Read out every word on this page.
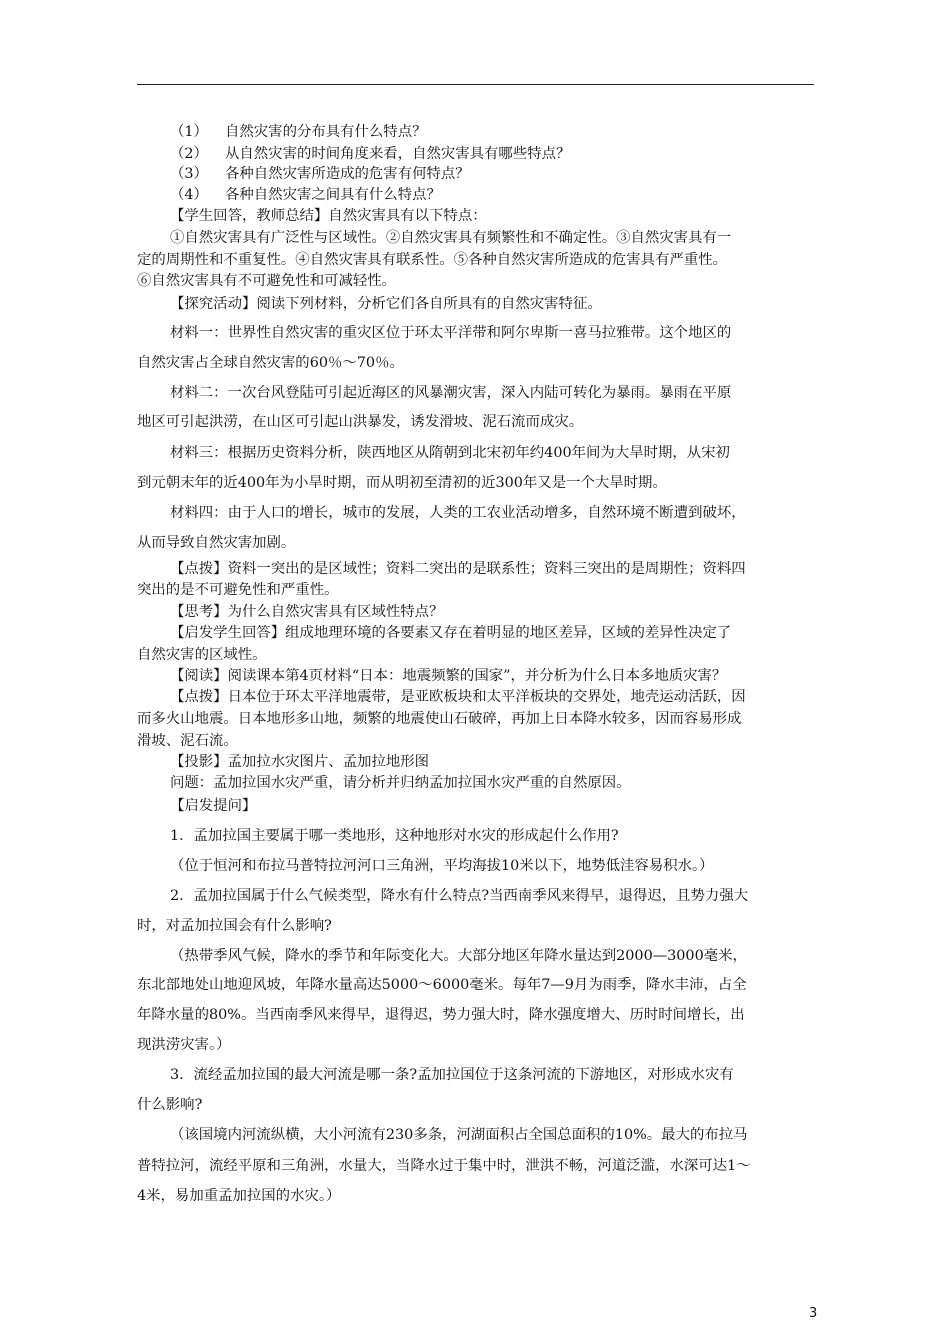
（1） 自然灾害的分布具有什么特点？
（2） 从自然灾害的时间角度来看，自然灾害具有哪些特点？
（3） 各种自然灾害所造成的危害有何特点？
（4） 各种自然灾害之间具有什么特点？
【学生回答，教师总结】自然灾害具有以下特点：
①自然灾害具有广泛性与区域性。②自然灾害具有频繁性和不确定性。③自然灾害具有一
定的周期性和不重复性。④自然灾害具有联系性。⑤各种自然灾害所造成的危害具有严重性。
⑥自然灾害具有不可避免性和可减轻性。
【探究活动】阅读下列材料，分析它们各自所具有的自然灾害特征。
材料一：世界性自然灾害的重灾区位于环太平洋带和阿尔卑斯一喜马拉雅带。这个地区的
自然灾害占全球自然灾害的60％～70％。
材料二：一次台风登陆可引起近海区的风暴潮灾害，深入内陆可转化为暴雨。暴雨在平原
地区可引起洪涝，在山区可引起山洪暴发，诱发滑坡、泥石流而成灾。
材料三：根据历史资料分析，陕西地区从隋朝到北宋初年约400年间为大旱时期，从宋初
到元朝末年的近400年为小旱时期，而从明初至清初的近300年又是一个大旱时期。
材料四：由于人口的增长，城市的发展，人类的工农业活动增多，自然环境不断遭到破坏，
从而导致自然灾害加剧。
【点拨】资料一突出的是区域性；资料二突出的是联系性；资料三突出的是周期性；资料四
突出的是不可避免性和严重性。
【思考】为什么自然灾害具有区域性特点？
【启发学生回答】组成地理环境的各要素又存在着明显的地区差异，区域的差异性决定了
自然灾害的区域性。
【阅读】阅读课本第4页材料“日本：地震频繁的国家”，并分析为什么日本多地质灾害？
【点拨】日本位于环太平洋地震带，是亚欧板块和太平洋板块的交界处，地壳运动活跃，因
而多火山地震。日本地形多山地，频繁的地震使山石破碎，再加上日本降水较多，因而容易形成
滑坡、泥石流。
【投影】孟加拉水灾图片、孟加拉地形图
问题：孟加拉国水灾严重，请分析并归纳孟加拉国水灾严重的自然原因。
【启发提问】
1．孟加拉国主要属于哪一类地形，这种地形对水灾的形成起什么作用?
（位于恒河和布拉马普特拉河河口三角洲，平均海拔10米以下，地势低洼容易积水。）
2．孟加拉国属于什么气候类型，降水有什么特点?当西南季风来得早，退得迟，且势力强大
时，对孟加拉国会有什么影响?
（热带季风气候，降水的季节和年际变化大。大部分地区年降水量达到2000—3000毫米，
东北部地处山地迎风坡，年降水量高达5000～6000毫米。每年7—9月为雨季，降水丰沛，占全
年降水量的80%。当西南季风来得早，退得迟，势力强大时，降水强度增大、历时时间增长，出
现洪涝灾害。）
3．流经孟加拉国的最大河流是哪一条?孟加拉国位于这条河流的下游地区，对形成水灾有
什么影响?
（该国境内河流纵横，大小河流有230多条，河湖面积占全国总面积的10%。最大的布拉马
普特拉河，流经平原和三角洲，水量大，当降水过于集中时，泄洪不畅，河道泛滥，水深可达1～
4米，易加重孟加拉国的水灾。）
3
